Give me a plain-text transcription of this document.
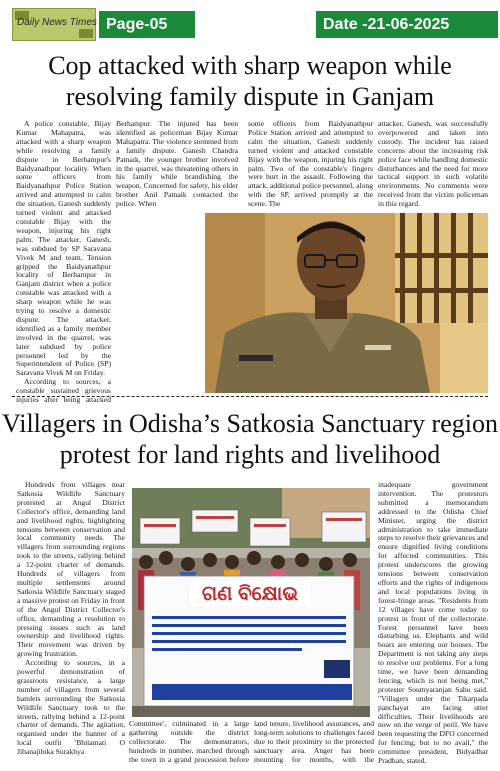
Daily News Times Page-05	Date -21-06-2025
Cop attacked with sharp weapon while resolving family dispute in Ganjam

A police constable, Bijay Kumar Mahapatra, was attacked with a sharp weapon while resolving a family dispute in Berhampur's Baidyanathpur locality. When some officers from Baidyanathpur Police Station arrived and attempted to calm the situation, Ganesh suddenly turned violent and attacked constable Bijay with the weapon, injuring his right palm. The attacker, Ganesh, was subdued by SP Saravana Vivek M and team. Tension gripped the Baidyanathpur locality of Berhampur in Ganjam district when a police constable was attacked with a sharp weapon while he was trying to resolve a domestic dispute. The attacker, identified as a family member involved in the quarrel, was later subdued by police personnel led by the Superintendent of Police (SP) Saravana Vivek M on Friday.

According to sources, a constable sustained grievous injuries after being attacked

Berhampur. The injured has been identified as policeman Bijay Kumar Mahapatra. The violence stemmed from a family dispute. Ganesh Chandra Patnaik, the younger brother involved in the quarrel, was threatening others in his family while brandishing the weapon. Concerned for safety, his elder brother Anil Patnaik contacted the police. When

some officers from Baidyanathpur Police Station arrived and attempted to calm the situation, Ganesh suddenly turned violent and attacked constable Bijay with the weapon, injuring his right palm. Two of the constable's fingers were hurt in the assault. Following the attack, additional police personnel, along with the SP, arrived promptly at the scene. The

attacker, Ganesh, was successfully overpowered and taken into custody. The incident has raised concerns about the increasing risk police face while handling domestic disturbances and the need for more tactical support in such volatile environments. No comments were received from the victim policeman in this regard.

Villagers in Odisha’s Satkosia Sanctuary region protest for land rights and livelihood

Hundreds from villages near Satkosia Wildlife Sanctuary protested at Angul District Collector's office, demanding land and livelihood rights, highlighting tensions between conservation and local community needs. The villagers from surrounding regions took to the streets, rallying behind a 12-point charter of demands. Hundreds of villagers from multiple settlements around Satkosia Wildlife Sanctuary staged a massive protest on Friday in front of the Angul District Collector's office, demanding a resolution to pressing issues such as land ownership and livelihood rights. Their movement was driven by growing frustration.

According to sources, in a powerful demonstration of grassroots resistance, a large number of villagers from several hamlets surrounding the Satkosia Wildlife Sanctuary took to the streets, rallying behind a 12-point charter of demands. The agitation, organised under the banner of a local outfit 'Bhitamati O Jibanajibika Surakhya

Committee', culminated in a large gathering outside the district collectorate. The demonstrators, hundreds in number, marched through the town in a grand procession before

land tenure, livelihood assurances, and long-term solutions to challenges faced due to their proximity to the protected sanctuary area. Anger has been mounting for months, with the

inadequate government intervention. The protestors submitted a memorandum addressed to the Odisha Chief Minister, urging the district administration to take immediate steps to resolve their grievances and ensure dignified living conditions for affected communities. This protest underscores the growing tensions between conservation efforts and the rights of indigenous and local populations living in forest-fringe areas. "Residents from 12 villages have come today to protest in front of the collectorate. Forest personnel have been disturbing us. Elephants and wild boars are entering our houses. The Department is not taking any steps to resolve our problems. For a long time, we have been demanding fencing, which is not being met," protester Soumyaranjan Sahu said. "Villagers under the Tikarpada panchayat are facing utter difficulties. Their livelihoods are now on the verge of peril. We have been requesting the DFO concerned for fencing, but to no avail," the committee president, Bidyadhar Pradhan, stated.

ଗଣ ବିକ୍ଷୋଭ
